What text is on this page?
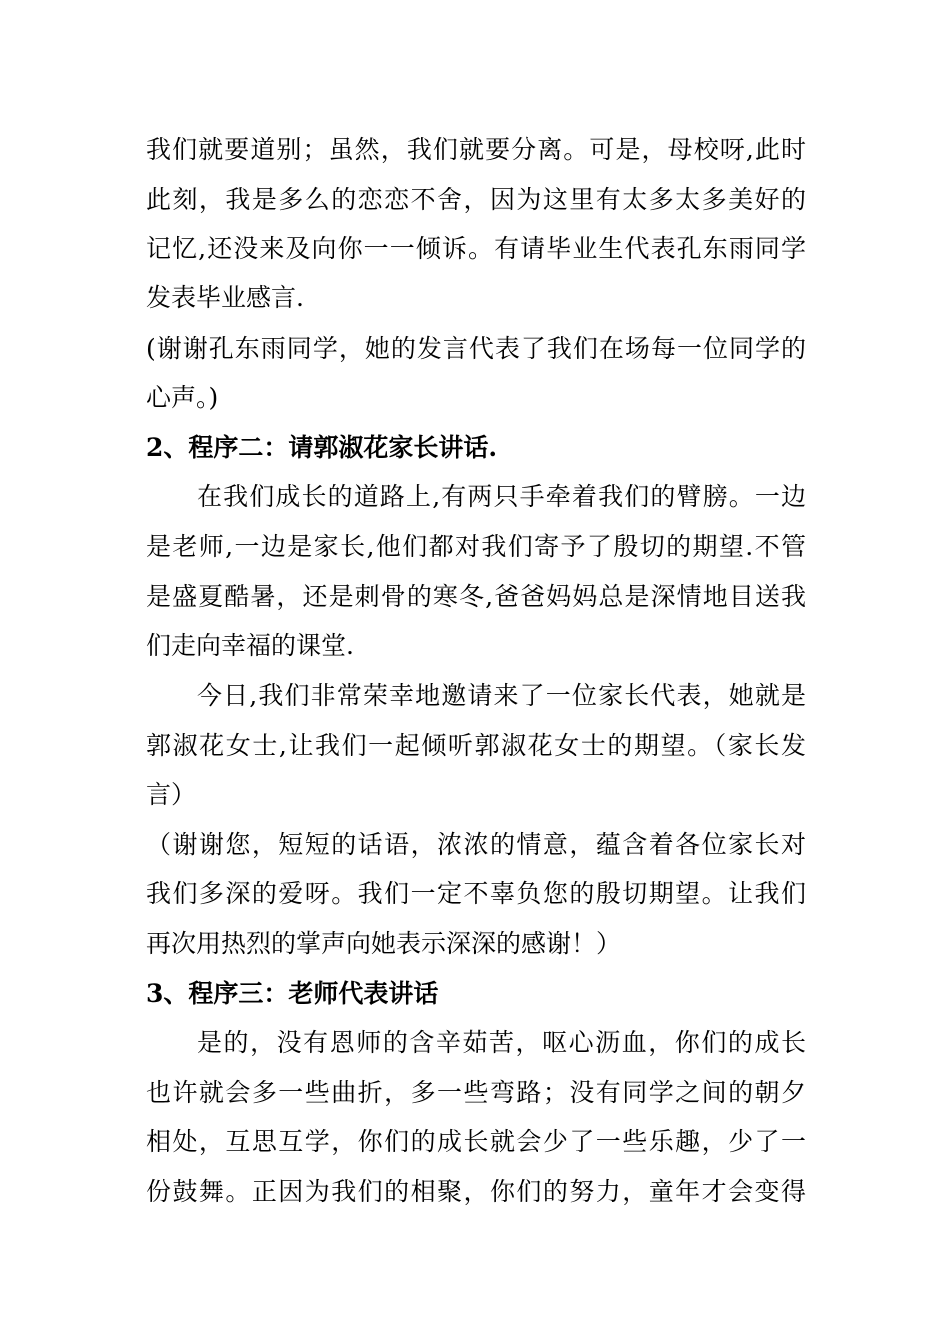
我们就要道别；虽然，我们就要分离。可是，母校呀,此时
此刻，我是多么的恋恋不舍，因为这里有太多太多美好的
记忆,还没来及向你一一倾诉。有请毕业生代表孔东雨同学
发表毕业感言.
(谢谢孔东雨同学，她的发言代表了我们在场每一位同学的
心声。)
2、程序二：请郭淑花家长讲话.
在我们成长的道路上,有两只手牵着我们的臂膀。一边
是老师,一边是家长,他们都对我们寄予了殷切的期望.不管
是盛夏酷暑，还是刺骨的寒冬,爸爸妈妈总是深情地目送我
们走向幸福的课堂.
今日,我们非常荣幸地邀请来了一位家长代表，她就是
郭淑花女士,让我们一起倾听郭淑花女士的期望。（家长发
言）
（谢谢您，短短的话语，浓浓的情意，蕴含着各位家长对
我们多深的爱呀。我们一定不辜负您的殷切期望。让我们
再次用热烈的掌声向她表示深深的感谢！）
3、程序三：老师代表讲话
是的，没有恩师的含辛茹苦，呕心沥血，你们的成长
也许就会多一些曲折，多一些弯路；没有同学之间的朝夕
相处，互思互学，你们的成长就会少了一些乐趣，少了一
份鼓舞。正因为我们的相聚，你们的努力，童年才会变得
